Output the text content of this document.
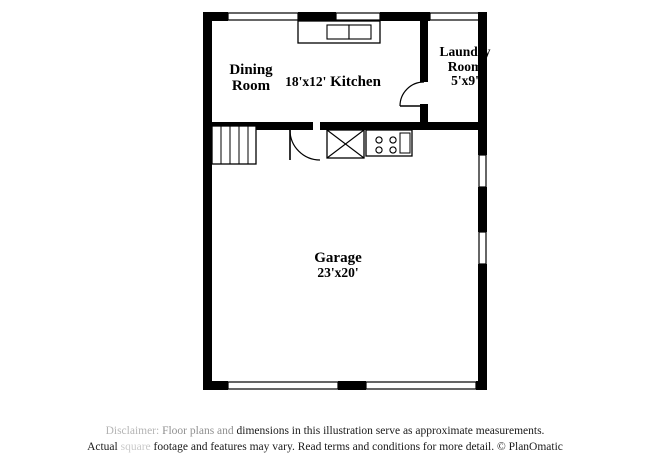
Dining
Room	18'x12' Kitchen
Laundry
Room
5'x9'
Garage
23'x20'
Disclaimer: Floor plans and dimensions in this illustration serve as approximate measurements.
Actual square footage and features may vary. Read terms and conditions for more detail. © PlanOmatic
